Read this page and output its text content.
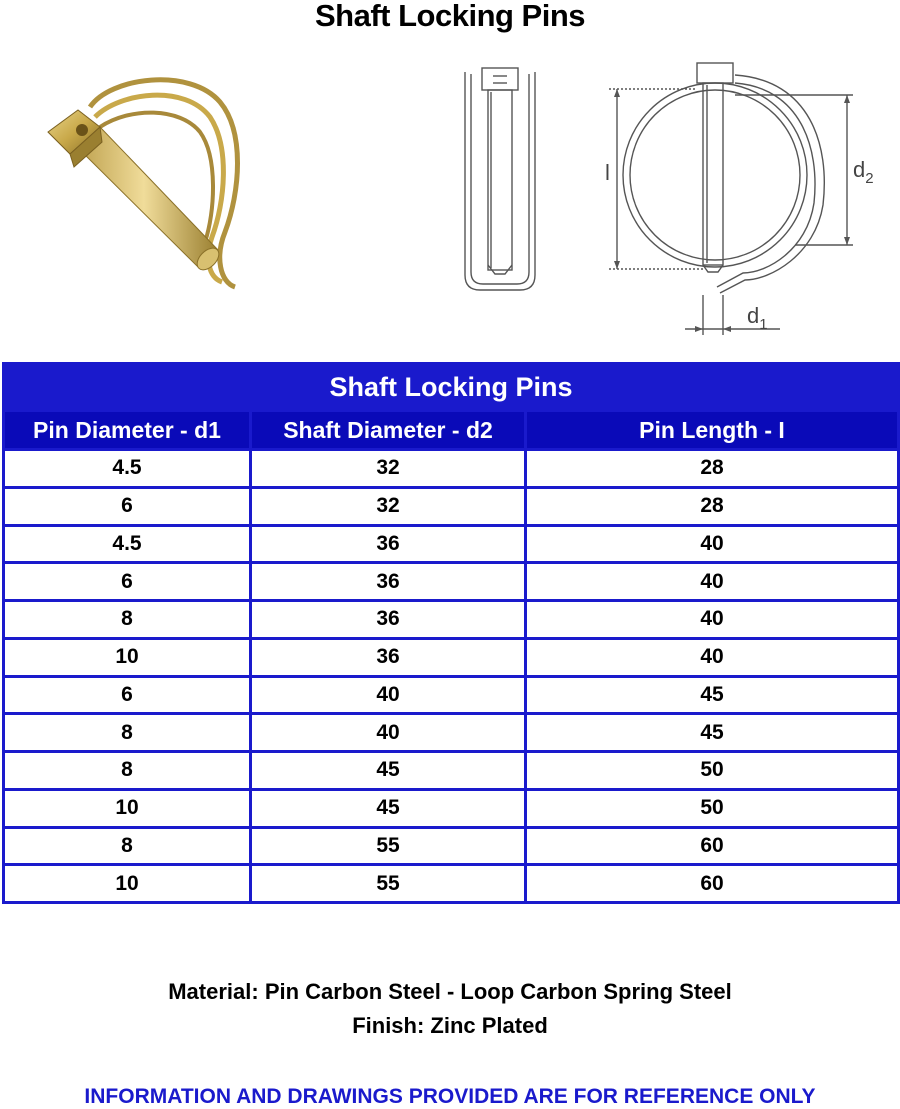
Shaft Locking Pins
l	$d_2$
$d_1$
Shaft Locking Pins		
Pin Diameter - d1	Shaft Diameter - d2	Pin Length - I
4.5	32	28
6	32	28
4.5	36	40
6	36	40
8	36	40
10	36	40
6	40	45
8	40	45
8	45	50
10	45	50
8	55	60
10	55	60
Material: Pin Carbon Steel - Loop Carbon Spring Steel
Finish: Zinc Plated
INFORMATION AND DRAWINGS PROVIDED ARE FOR REFERENCE ONLY
